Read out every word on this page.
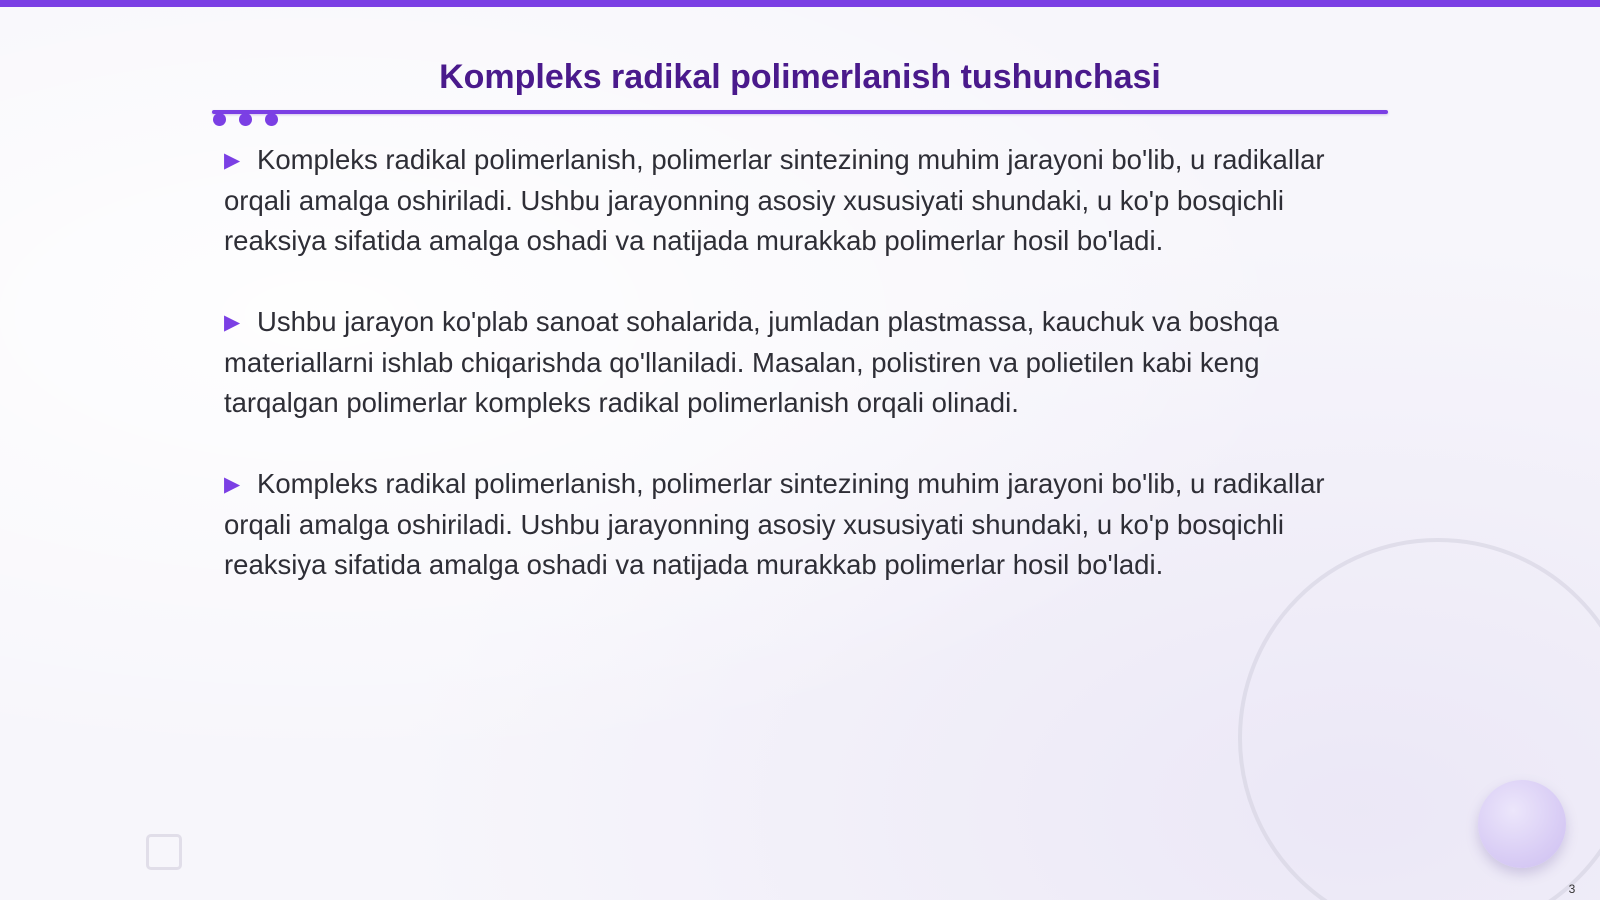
Kompleks radikal polimerlanish tushunchasi

▶ Kompleks radikal polimerlanish, polimerlar sintezining muhim jarayoni bo'lib, u radikallar orqali amalga oshiriladi. Ushbu jarayonning asosiy xususiyati shundaki, u ko'p bosqichli reaksiya sifatida amalga oshadi va natijada murakkab polimerlar hosil bo'ladi.

▶ Ushbu jarayon ko'plab sanoat sohalarida, jumladan plastmassa, kauchuk va boshqa materiallarni ishlab chiqarishda qo'llaniladi. Masalan, polistiren va polietilen kabi keng tarqalgan polimerlar kompleks radikal polimerlanish orqali olinadi.

▶ Kompleks radikal polimerlanish, polimerlar sintezining muhim jarayoni bo'lib, u radikallar orqali amalga oshiriladi. Ushbu jarayonning asosiy xususiyati shundaki, u ko'p bosqichli reaksiya sifatida amalga oshadi va natijada murakkab polimerlar hosil bo'ladi.

3
